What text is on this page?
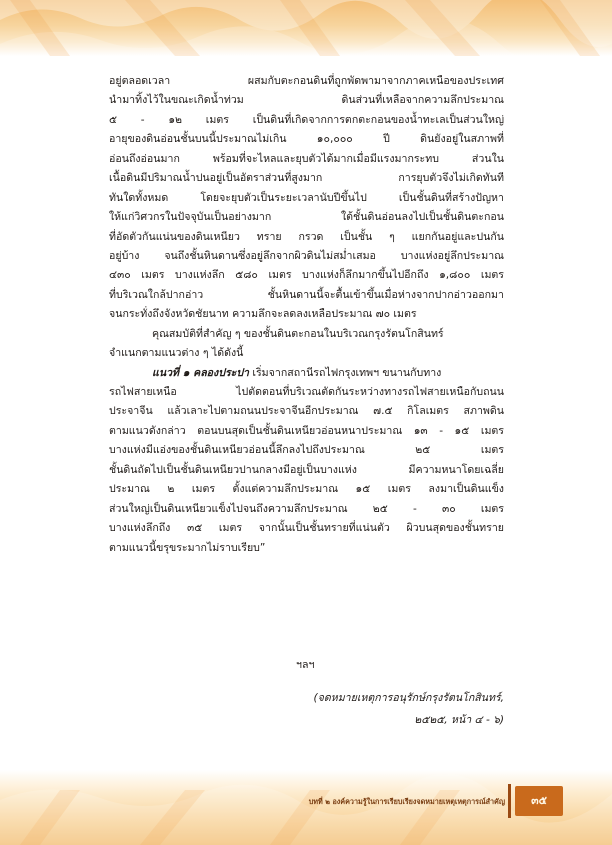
อยู่ตลอดเวลา ผสมกับตะกอนดินที่ถูกพัดพามาจากภาคเหนือของประเทศ
นำมาทิ้งไว้ในขณะเกิดน้ำท่วม ดินส่วนที่เหลือจากความลึกประมาณ
๕ - ๑๒ เมตร เป็นดินที่เกิดจากการตกตะกอนของน้ำทะเลเป็นส่วนใหญ่
อายุของดินอ่อนชั้นบนนี้ประมาณไม่เกิน ๑๐,๐๐๐ ปี ดินยังอยู่ในสภาพที่
อ่อนถึงอ่อนมาก พร้อมที่จะไหลและยุบตัวได้มากเมื่อมีแรงมากระทบ ส่วนใน
เนื้อดินมีปริมาณน้ำปนอยู่เป็นอัตราส่วนที่สูงมาก การยุบตัวจึงไม่เกิดทันที
ทันใดทั้งหมด โดยจะยุบตัวเป็นระยะเวลานับปีขึ้นไป เป็นชั้นดินที่สร้างปัญหา
ให้แก่วิศวกรในปัจจุบันเป็นอย่างมาก ใต้ชั้นดินอ่อนลงไปเป็นชั้นดินตะกอน
ที่อัดตัวกันแน่นของดินเหนียว ทราย กรวด เป็นชั้น ๆ แยกกันอยู่และปนกัน
อยู่บ้าง จนถึงชั้นหินดานซึ่งอยู่ลึกจากผิวดินไม่สม่ำเสมอ บางแห่งอยู่ลึกประมาณ
๔๓๐ เมตร บางแห่งลึก ๕๘๐ เมตร บางแห่งก็ลึกมากขึ้นไปอีกถึง ๑,๘๐๐ เมตร
ที่บริเวณใกล้ปากอ่าว ชั้นหินดานนี้จะตื้นเข้าขึ้นเมื่อห่างจากปากอ่าวออกมา
จนกระทั่งถึงจังหวัดชัยนาท ความลึกจะลดลงเหลือประมาณ ๗๐ เมตร
คุณสมบัติที่สำคัญ ๆ ของชั้นดินตะกอนในบริเวณกรุงรัตนโกสินทร์
จำแนกตามแนวต่าง ๆ ได้ดังนี้
แนวที่ ๑ คลองประปา เริ่มจากสถานีรถไฟกรุงเทพฯ ขนานกับทาง
รถไฟสายเหนือ ไปตัดตอนที่บริเวณตัดกันระหว่างทางรถไฟสายเหนือกับถนน
ประจาจีน แล้วเลาะไปตามถนนประจาจีนอีกประมาณ ๗.๕ กิโลเมตร สภาพดิน
ตามแนวดังกล่าว ตอนบนสุดเป็นชั้นดินเหนียวอ่อนหนาประมาณ ๑๓ - ๑๕ เมตร
บางแห่งมีแอ่งของชั้นดินเหนียวอ่อนนี้ลึกลงไปถึงประมาณ ๒๕ เมตร
ชั้นดินถัดไปเป็นชั้นดินเหนียวปานกลางมีอยู่เป็นบางแห่ง มีความหนาโดยเฉลี่ย
ประมาณ ๒ เมตร ตั้งแต่ความลึกประมาณ ๑๕ เมตร ลงมาเป็นดินแข็ง
ส่วนใหญ่เป็นดินเหนียวแข็งไปจนถึงความลึกประมาณ ๒๕ - ๓๐ เมตร
บางแห่งลึกถึง ๓๕ เมตร จากนั้นเป็นชั้นทรายที่แน่นตัว ผิวบนสุดของชั้นทราย
ตามแนวนี้ขรุขระมากไม่ราบเรียบ”
ฯลฯ
(จดหมายเหตุการอนุรักษ์กรุงรัตนโกสินทร์,
๒๕๒๕, หน้า ๔ - ๖)
บทที่ ๒ องค์ความรู้ในการเรียบเรียงจดหมายเหตุเหตุการณ์สำคัญ	๓๕
